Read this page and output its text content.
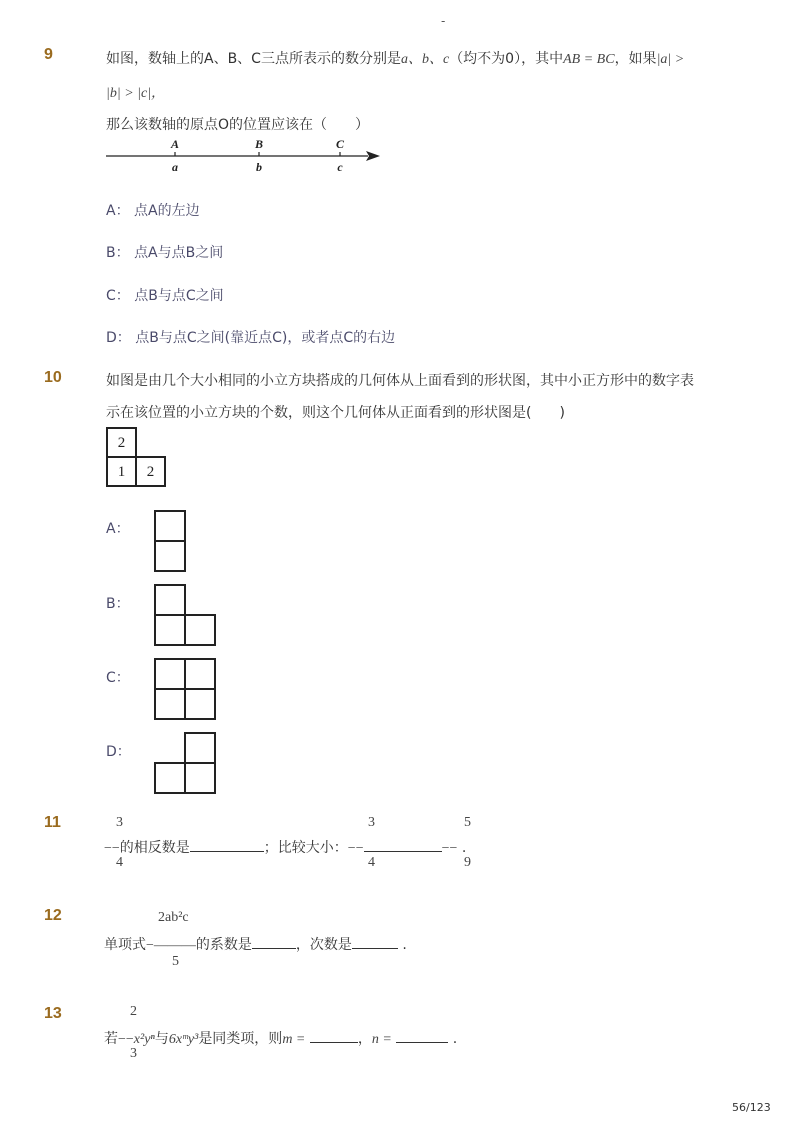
-
9	如图，数轴上的A、B、C三点所表示的数分别是a、b、c（均不为0），其中AB = BC，如果|a| >
|b| > |c|，
那么该数轴的原点O的位置应该在（　　）
A	B	C
a	b	c
A： 点A的左边
B： 点A与点B之间
C： 点B与点C之间
D： 点B与点C之间(靠近点C)，或者点C的右边
10	如图是由几个大小相同的小立方块搭成的几何体从上面看到的形状图，其中小正方形中的数字表
示在该位置的小立方块的个数，则这个几何体从正面看到的形状图是(　　)
2
1	2
A：
B：
C：
D：
11	3
4
−−的相反数是	；比较大小：−−	−− .
3
4
5
9
12	2ab²c
单项式−———的系数是	，次数是	.
5
13	2
若−−x²yⁿ与6xᵐy³是同类项，则m =	，n =	.
3
56/123
